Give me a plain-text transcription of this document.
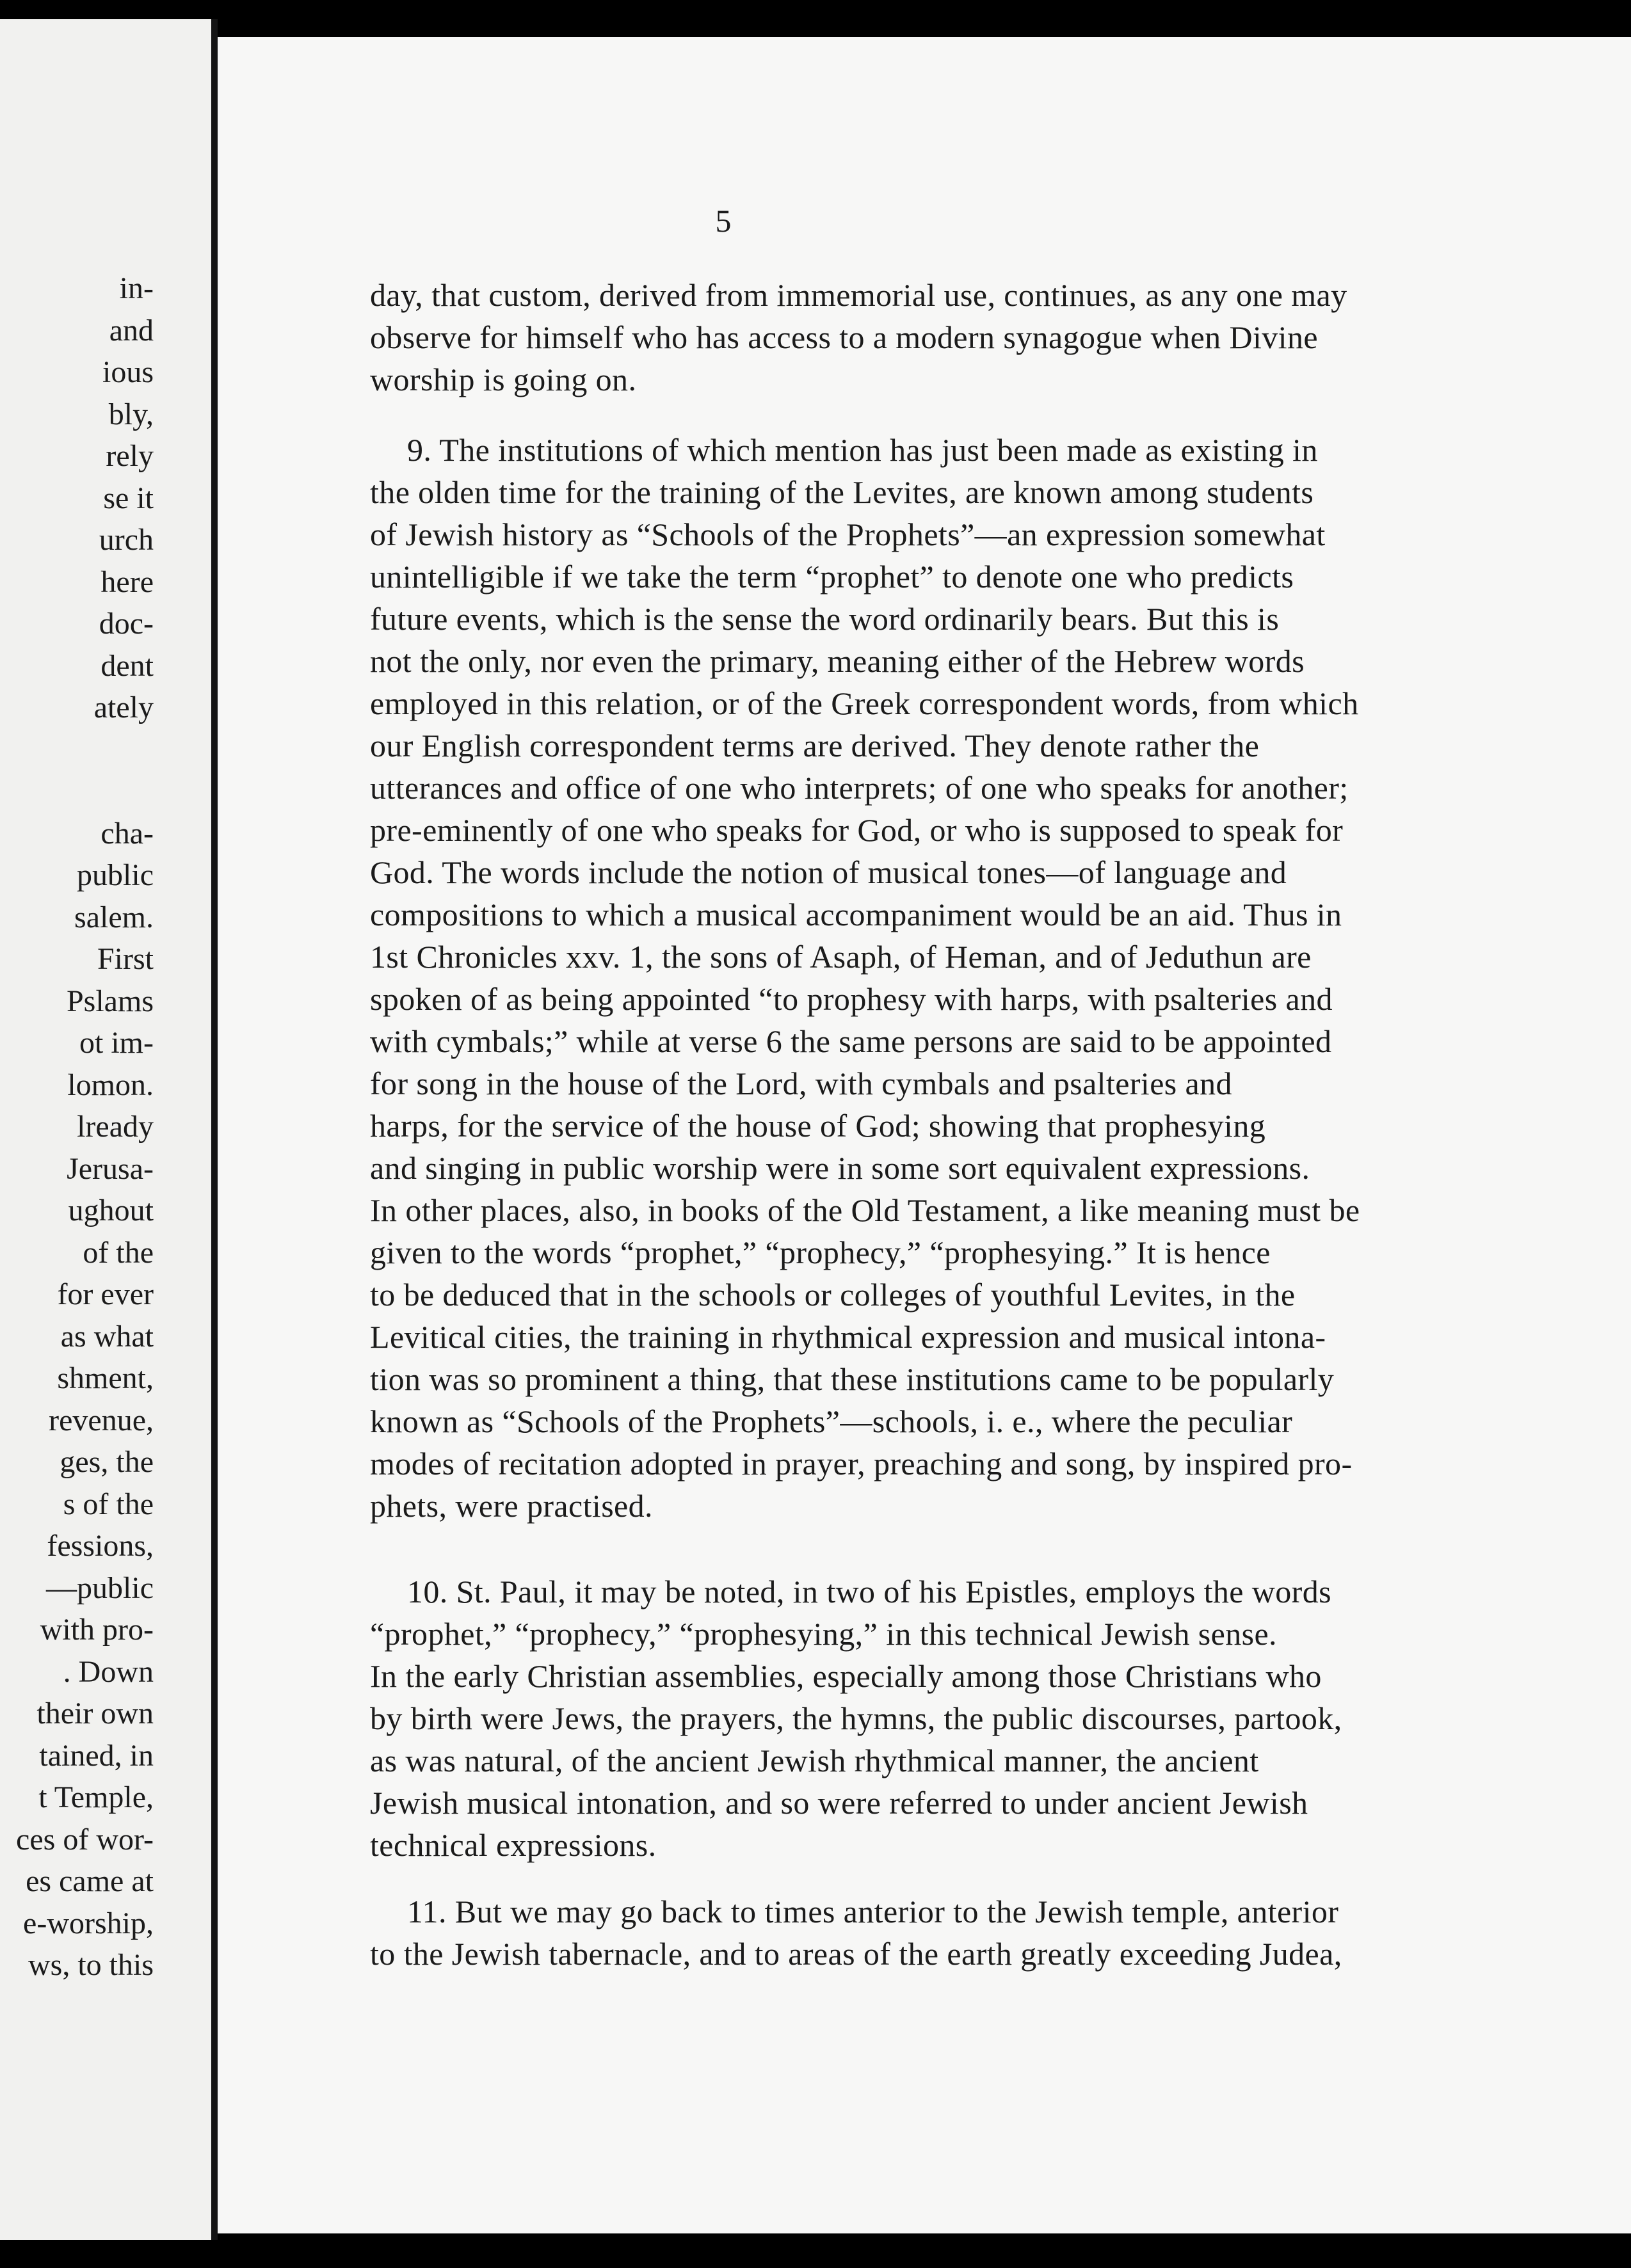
in-
and
ious
bly,
rely
se it
urch
here
doc-
dent
ately

cha-
public
salem.
First
Pslams
ot im-
lomon.
lready
Jerusa-
ughout
of the
for ever
as what
shment,
revenue,
ges, the
s of the
fessions,
—public
with pro-
. Down
their own
tained, in
t Temple,
ces of wor-
es came at
e-worship,
ws, to this
5
day, that custom, derived from immemorial use, continues, as any one may
observe for himself who has access to a modern synagogue when Divine
worship is going on.
9. The institutions of which mention has just been made as existing in
the olden time for the training of the Levites, are known among students
of Jewish history as “Schools of the Prophets”—an expression somewhat
unintelligible if we take the term “prophet” to denote one who predicts
future events, which is the sense the word ordinarily bears. But this is
not the only, nor even the primary, meaning either of the Hebrew words
employed in this relation, or of the Greek correspondent words, from which
our English correspondent terms are derived. They denote rather the
utterances and office of one who interprets; of one who speaks for another;
pre-eminently of one who speaks for God, or who is supposed to speak for
God. The words include the notion of musical tones—of language and
compositions to which a musical accompaniment would be an aid. Thus in
1st Chronicles xxv. 1, the sons of Asaph, of Heman, and of Jeduthun are
spoken of as being appointed “to prophesy with harps, with psalteries and
with cymbals;” while at verse 6 the same persons are said to be appointed
for song in the house of the Lord, with cymbals and psalteries and
harps, for the service of the house of God; showing that prophesying
and singing in public worship were in some sort equivalent expressions.
In other places, also, in books of the Old Testament, a like meaning must be
given to the words “prophet,” “prophecy,” “prophesying.” It is hence
to be deduced that in the schools or colleges of youthful Levites, in the
Levitical cities, the training in rhythmical expression and musical intona-
tion was so prominent a thing, that these institutions came to be popularly
known as “Schools of the Prophets”—schools, i. e., where the peculiar
modes of recitation adopted in prayer, preaching and song, by inspired pro-
phets, were practised.
10. St. Paul, it may be noted, in two of his Epistles, employs the words
“prophet,” “prophecy,” “prophesying,” in this technical Jewish sense.
In the early Christian assemblies, especially among those Christians who
by birth were Jews, the prayers, the hymns, the public discourses, partook,
as was natural, of the ancient Jewish rhythmical manner, the ancient
Jewish musical intonation, and so were referred to under ancient Jewish
technical expressions.
11. But we may go back to times anterior to the Jewish temple, anterior
to the Jewish tabernacle, and to areas of the earth greatly exceeding Judea,
